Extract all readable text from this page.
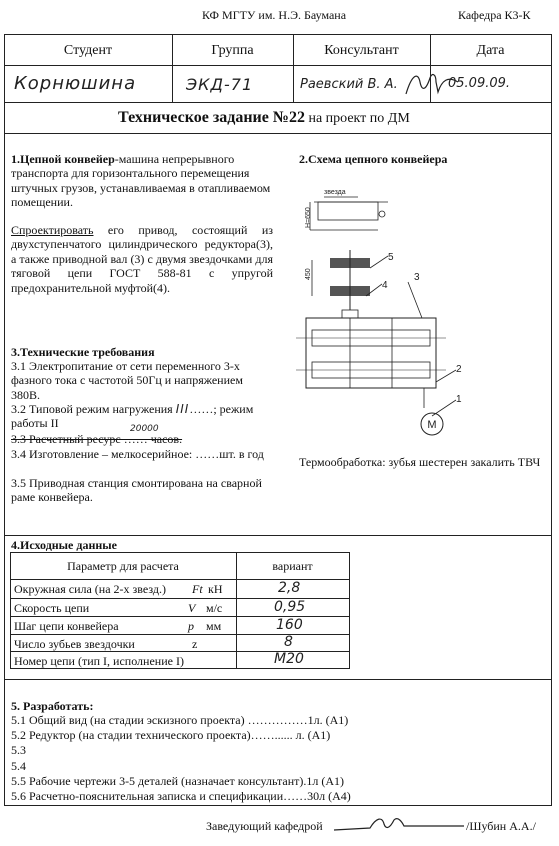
КФ МГТУ им. Н.Э. Баумана	Кафедра К3-К
Студент	Группа	Консультант	Дата
Корнюшина	ЭКД-71	Раевский В. А.	05.09.09.
Техническое задание №22 на проект по ДМ
1.Цепной конвейер-машина непрерывного транспорта для горизонтального перемещения штучных грузов, устанавливаемая в отапливаемом помещении.
Спроектировать его привод, состоящий из двухступенчатого цилиндрического редуктора(3), а также приводной вал (3) с двумя звездочками для тяговой цепи ГОСТ 588-81 с упругой предохранительной муфтой(4).
2.Схема цепного конвейера
звезда
H=650
450
5
4
3
2
1
М
Термообработка: зубья шестерен закалить ТВЧ
3.Технические требования
3.1 Электропитание от сети переменного 3-х фазного тока с частотой 50Гц и напряжением 380В.
3.2 Типовой режим нагружения III……; режим работы II	20000
3.3 Расчетный ресурс …… часов.
3.4 Изготовление – мелкосерийное: ……шт. в год
3.5 Приводная станция смонтирована на сварной раме конвейера.
4.Исходные данные
Параметр для расчета	вариант
Окружная сила (на 2-х звезд.) Ft кН	2,8
Скорость цепи	V м/с	0,95
Шаг цепи конвейера	p мм	160
Число зубьев звездочки	z	8
Номер цепи (тип I, исполнение I)	М20
5. Разработать:
5.1 Общий вид (на стадии эскизного проекта) ……………1л. (А1)
5.2 Редуктор (на стадии технического проекта)……...... л. (А1)
5.3
5.4
5.5 Рабочие чертежи 3-5 деталей (назначает консультант).1л (А1)
5.6 Расчетно-пояснительная записка и спецификации……30л (А4)
Заведующий кафедрой	/Шубин А.А./
